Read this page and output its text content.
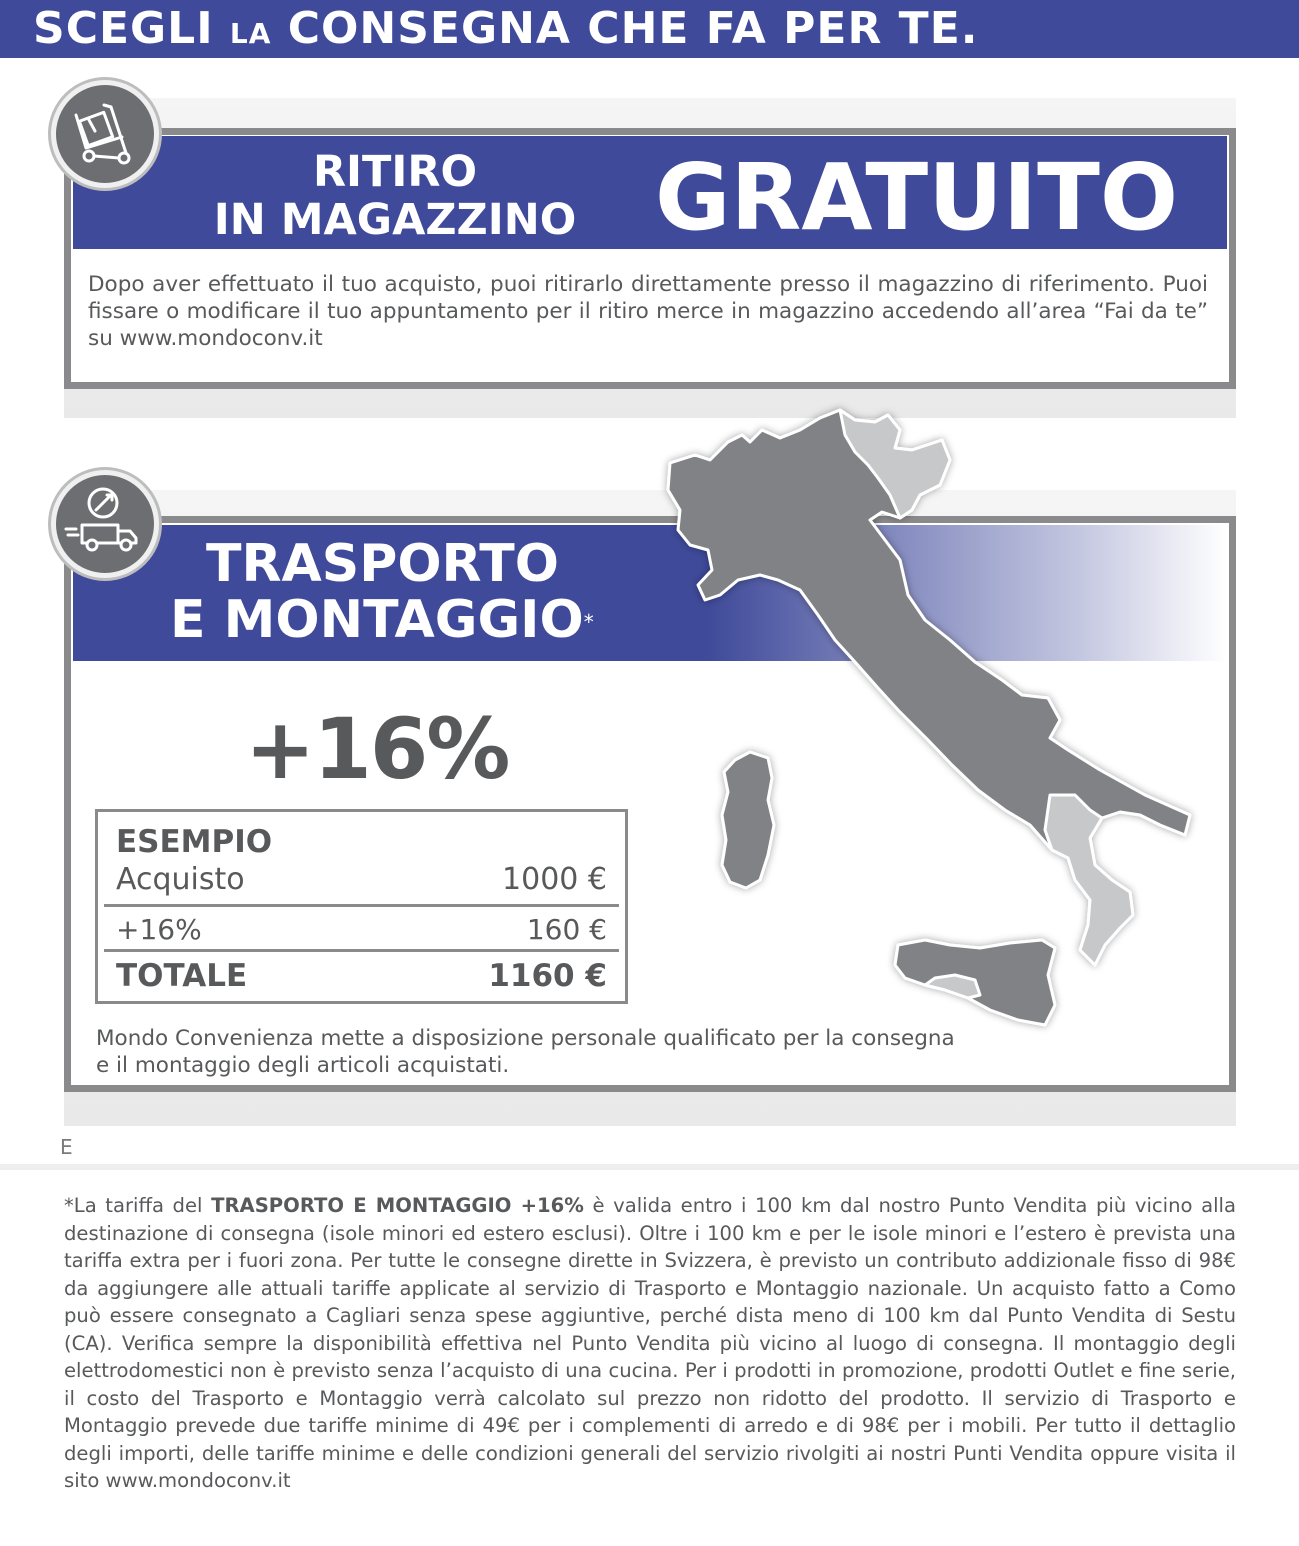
SCEGLI LA CONSEGNA CHE FA PER TE.
RITIRO
IN MAGAZZINO GRATUITO
Dopo aver effettuato il tuo acquisto, puoi ritirarlo direttamente presso il magazzino di riferimento. Puoi fissare o modificare il tuo appuntamento per il ritiro merce in magazzino accedendo all’area “Fai da te” su www.mondoconv.it
TRASPORTO
E MONTAGGIO*
+16%
ESEMPIO
Acquisto	1000 €
+16%	160 €
TOTALE	1160 €
Mondo Convenienza mette a disposizione personale qualificato per la consegna e il montaggio degli articoli acquistati.
E
*La tariffa del TRASPORTO E MONTAGGIO +16% è valida entro i 100 km dal nostro Punto Vendita più vicino alla destinazione di consegna (isole minori ed estero esclusi). Oltre i 100 km e per le isole minori e l’estero è prevista una tariffa extra per i fuori zona. Per tutte le consegne dirette in Svizzera, è previsto un contributo addizionale fisso di 98€ da aggiungere alle attuali tariffe applicate al servizio di Trasporto e Montaggio nazionale. Un acquisto fatto a Como può essere consegnato a Cagliari senza spese aggiuntive, perché dista meno di 100 km dal Punto Vendita di Sestu (CA). Verifica sempre la disponibilità effettiva nel Punto Vendita più vicino al luogo di consegna. Il montaggio degli elettrodomestici non è previsto senza l’acquisto di una cucina. Per i prodotti in promozione, prodotti Outlet e fine serie, il costo del Trasporto e Montaggio verrà calcolato sul prezzo non ridotto del prodotto. Il servizio di Trasporto e Montaggio prevede due tariffe minime di 49€ per i complementi di arredo e di 98€ per i mobili. Per tutto il dettaglio degli importi, delle tariffe minime e delle condizioni generali del servizio rivolgiti ai nostri Punti Vendita oppure visita il sito www.mondoconv.it
